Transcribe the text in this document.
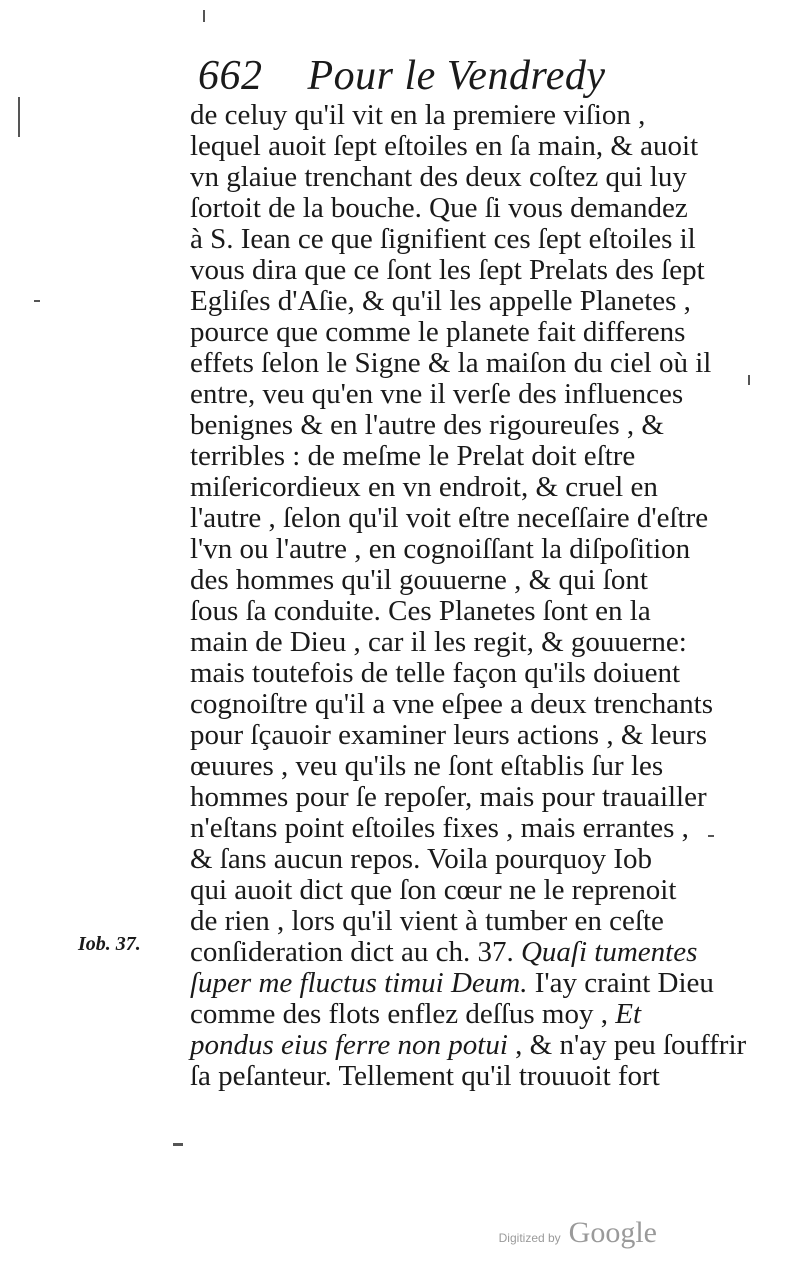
662 Pour le Vendredy
de celuy qu'il vit en la premiere viſion ,
lequel auoit ſept eſtoiles en ſa main, & auoit
vn glaiue trenchant des deux coſtez qui luy
ſortoit de la bouche. Que ſi vous demandez
à S. Iean ce que ſignifient ces ſept eſtoiles il
vous dira que ce ſont les ſept Prelats des ſept
Egliſes d'Aſie, & qu'il les appelle Planetes ,
pource que comme le planete fait differens
effets ſelon le Signe & la maiſon du ciel où il
entre, veu qu'en vne il verſe des influences
benignes & en l'autre des rigoureuſes , &
terribles : de meſme le Prelat doit eſtre
miſericordieux en vn endroit, & cruel en
l'autre , ſelon qu'il voit eſtre neceſſaire d'eſtre
l'vn ou l'autre , en cognoiſſant la diſpoſition
des hommes qu'il gouuerne , & qui ſont
ſous ſa conduite. Ces Planetes ſont en la
main de Dieu , car il les regit, & gouuerne:
mais toutefois de telle façon qu'ils doiuent
cognoiſtre qu'il a vne eſpee a deux trenchants
pour ſçauoir examiner leurs actions , & leurs
œuures , veu qu'ils ne ſont eſtablis ſur les
hommes pour ſe repoſer, mais pour trauailler
n'eſtans point eſtoiles fixes , mais errantes ,
& ſans aucun repos. Voila pourquoy Iob
qui auoit dict que ſon cœur ne le reprenoit
de rien , lors qu'il vient à tumber en ceſte
conſideration dict au ch. 37. Quaſi tumentes
ſuper me fluctus timui Deum. I'ay craint Dieu
comme des flots enflez deſſus moy , Et
pondus eius ferre non potui , & n'ay peu ſouffrir
ſa peſanteur. Tellement qu'il trouuoit fort
Iob. 37.
Digitized by Google
